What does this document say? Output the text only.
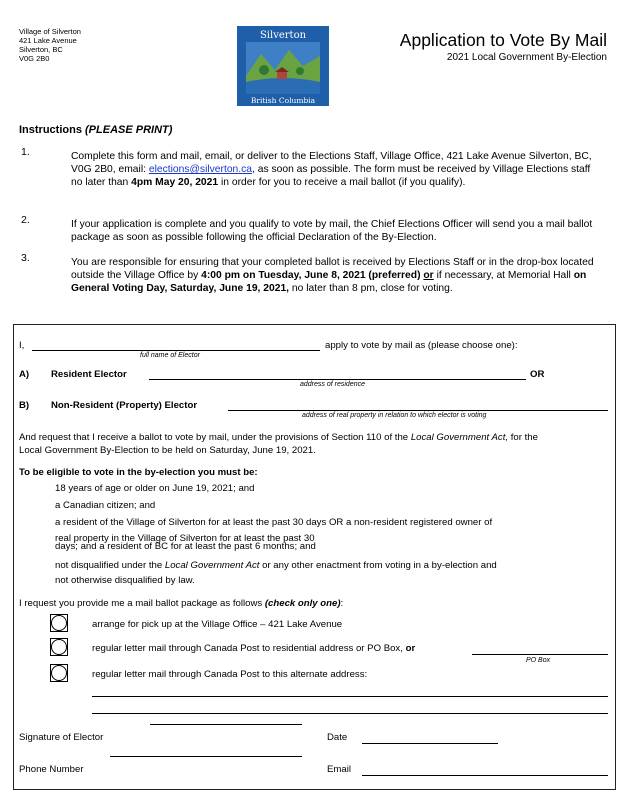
Village of Silverton
421 Lake Avenue
Silverton, BC
V0G 2B0
Silverton
British Columbia
Application to Vote By Mail
2021 Local Government By-Election
Instructions (PLEASE PRINT)
1.	Complete this form and mail, email, or deliver to the Elections Staff, Village Office, 421 Lake Avenue Silverton, BC, V0G 2B0, email: elections@silverton.ca, as soon as possible. The form must be received by Village Elections staff no later than 4pm May 20, 2021 in order for you to receive a mail ballot (if you qualify).
2.	If your application is complete and you qualify to vote by mail, the Chief Elections Officer will send you a mail ballot package as soon as possible following the official Declaration of the By-Election.
3.	You are responsible for ensuring that your completed ballot is received by Elections Staff or in the drop-box located outside the Village Office by 4:00 pm on Tuesday, June 8, 2021 (preferred) or if necessary, at Memorial Hall on General Voting Day, Saturday, June 19, 2021, no later than 8 pm, close for voting.
I,	apply to vote by mail as (please choose one):
full name of Elector
A) Resident Elector	OR
address of residence
B) Non-Resident (Property) Elector
address of real property in relation to which elector is voting
And request that I receive a ballot to vote by mail, under the provisions of Section 110 of the Local Government Act, for the
Local Government By-Election to be held on Saturday, June 19, 2021.
To be eligible to vote in the by-election you must be:
18 years of age or older on June 19, 2021; and
a Canadian citizen; and
a resident of the Village of Silverton for at least the past 30 days OR a non-resident registered owner of
real property in the Village of Silverton for at least the past 30
days; and a resident of BC for at least the past 6 months; and
not disqualified under the Local Government Act or any other enactment from voting in a by-election and
not otherwise disqualified by law.
I request you provide me a mail ballot package as follows (check only one):
arrange for pick up at the Village Office – 421 Lake Avenue
regular letter mail through Canada Post to residential address or PO Box, or
PO Box
regular letter mail through Canada Post to this alternate address:
Signature of Elector	Date
Phone Number	Email
